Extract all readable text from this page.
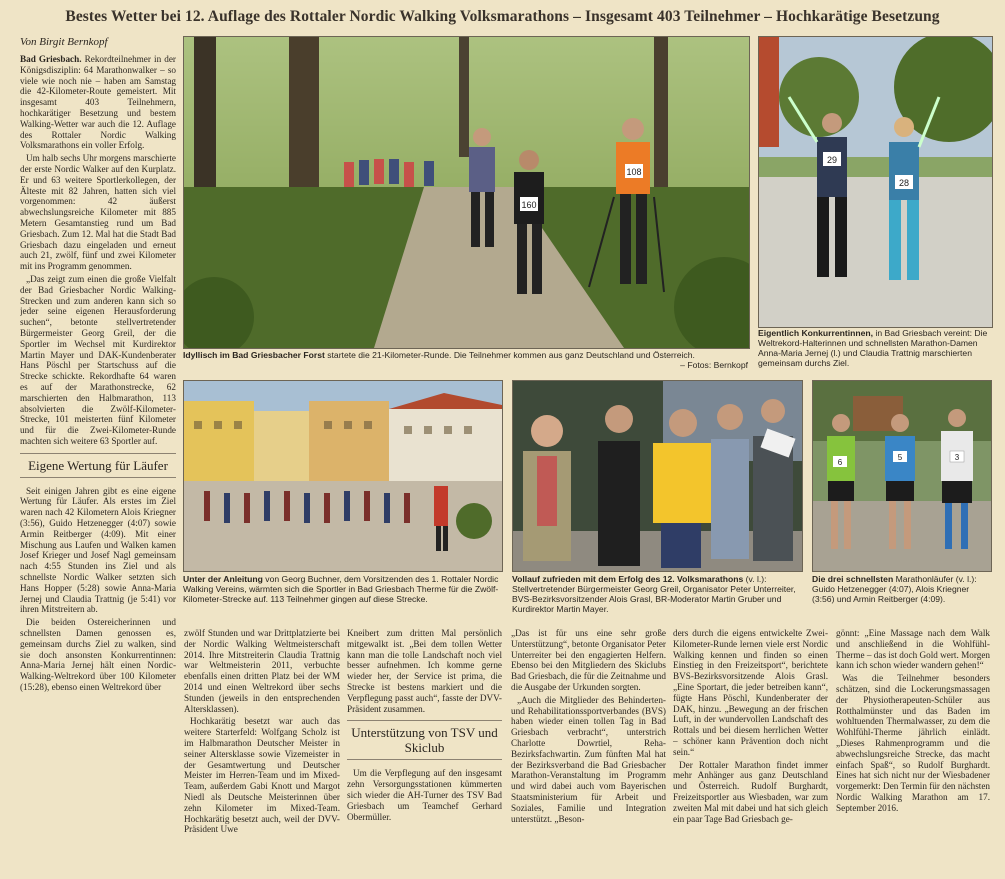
Bestes Wetter bei 12. Auflage des Rottaler Nordic Walking Volksmarathons – Insgesamt 403 Teilnehmer – Hochkarätige Besetzung
Von Birgit Bernkopf

Bad Griesbach. Rekordteilnehmer in der Königsdisziplin: 64 Marathonwalker – so viele wie noch nie – haben am Samstag die 42-Kilometer-Route gemeistert. Mit insgesamt 403 Teilnehmern, hochkarätiger Besetzung und bestem Walking-Wetter war auch die 12. Auflage des Rottaler Nordic Walking Volksmarathons ein voller Erfolg.

Um halb sechs Uhr morgens marschierte der erste Nordic Walker auf den Kurplatz. Er und 63 weitere Sportlerkollegen, der Älteste mit 82 Jahren, hatten sich viel vorgenommen: 42 äußerst abwechslungsreiche Kilometer mit 885 Metern Gesamtanstieg rund um Bad Griesbach. Zum 12. Mal hat die Stadt Bad Griesbach dazu eingeladen und erneut auch 21, zwölf, fünf und zwei Kilometer mit ins Programm genommen.

„Das zeigt zum einen die große Vielfalt der Bad Griesbacher Nordic Walking-Strecken und zum anderen kann sich so jeder seine eigenen Herausforderung suchen“, betonte stellvertretender Bürgermeister Georg Greil, der die Sportler im Wechsel mit Kurdirektor Martin Mayer und DAK-Kundenberater Hans Pöschl per Startschuss auf die Strecke schickte. Rekordhafte 64 waren es auf der Marathonstrecke, 62 marschierten den Halbmarathon, 113 absolvierten die Zwölf-Kilometer-Strecke, 101 meisterten fünf Kilometer und für die Zwei-Kilometer-Runde machten sich weitere 63 Sportler auf.

Eigene Wertung für Läufer

Seit einigen Jahren gibt es eine eigene Wertung für Läufer. Als erstes im Ziel waren nach 42 Kilometern Alois Kriegner (3:56), Guido Hetzenegger (4:07) sowie Armin Reitberger (4:09). Mit einer Mischung aus Laufen und Walken kamen Josef Krieger und Josef Nagl gemeinsam nach 4:55 Stunden ins Ziel und als schnellste Nordic Walker setzten sich Hans Hopper (5:28) sowie Anna-Maria Jernej und Claudia Trattnig (je 5:41) vor ihren Mitstreitern ab.

Die beiden Ostereicherinnen und schnellsten Damen genossen es, gemeinsam durchs Ziel zu walken, sind sie doch ansonsten Konkurrentinnen: Anna-Maria Jernej hält einen Nordic-Walking-Weltrekord über 100 Kilometer (15:28), ebenso einen Weltrekord über

160
108
29
28
Idyllisch im Bad Griesbacher Forst startete die 21-Kilometer-Runde. Die Teilnehmer kommen aus ganz Deutschland und Österreich.
– Fotos: Bernkopf
Eigentlich Konkurrentinnen, in Bad Griesbach vereint: Die Weltrekord-Halterinnen und schnellsten Marathon-Damen Anna-Maria Jernej (l.) und Claudia Trattnig marschierten gemeinsam durchs Ziel.
Unter der Anleitung von Georg Buchner, dem Vorsitzenden des 1. Rottaler Nordic Walking Vereins, wärmten sich die Sportler in Bad Griesbach Therme für die Zwölf-Kilometer-Strecke auf. 113 Teilnehmer gingen auf diese Strecke.
Vollauf zufrieden mit dem Erfolg des 12. Volksmarathons (v. l.): Stellvertretender Bürgermeister Georg Greil, Organisator Peter Unterreiter, BVS-Bezirksvorsitzender Alois Grasl, BR-Moderator Martin Gruber und Kurdirektor Martin Mayer.
6
5	3
Die drei schnellsten Marathonläufer (v. l.): Guido Hetzenegger (4:07), Alois Kriegner (3:56) und Armin Reitberger (4:09).

zwölf Stunden und war Drittplatzierte bei der Nordic Walking Weltmeisterschaft 2014. Ihre Mitstreiterin Claudia Trattnig war Weltmeisterin 2011, verbuchte ebenfalls einen dritten Platz bei der WM 2014 und einen Weltrekord über sechs Stunden (jeweils in den entsprechenden Altersklassen).

Hochkarätig besetzt war auch das weitere Starterfeld: Wolfgang Scholz ist im Halbmarathon Deutscher Meister in seiner Altersklasse sowie Vizemeister in der Gesamtwertung und Deutscher Meister im Herren-Team und im Mixed-Team, außerdem Gabi Knott und Margot Niedl als Deutsche Meisterinnen über zehn Kilometer im Mixed-Team. Hochkarätig besetzt auch, weil der DVV-Präsident Uwe

Kneibert zum dritten Mal persönlich mitgewalkt ist. „Bei dem tollen Wetter kann man die tolle Landschaft noch viel besser aufnehmen. Ich komme gerne wieder her, der Service ist prima, die Strecke ist bestens markiert und die Verpflegung passt auch“, fasste der DVV-Präsident zusammen.

Unterstützung von TSV und Skiclub

Um die Verpflegung auf den insgesamt zehn Versorgungsstationen kümmerten sich wieder die AH-Turner des TSV Bad Griesbach um Teamchef Gerhard Obermüller.

„Das ist für uns eine sehr große Unterstützung“, betonte Organisator Peter Unterreiter bei den engagierten Helfern. Ebenso bei den Mitgliedern des Skiclubs Bad Griesbach, die für die Zeitnahme und die Ausgabe der Urkunden sorgten.

„Auch die Mitglieder des Behinderten- und Rehabilitationssportverbandes (BVS) haben wieder einen tollen Tag in Bad Griesbach verbracht“, unterstrich Charlotte Dowrtiel, Reha-Bezirksfachwartin. Zum fünften Mal hat der Bezirksverband die Bad Griesbacher Marathon-Veranstaltung im Programm und wird dabei auch vom Bayerischen Staatsministerium für Arbeit und Soziales, Familie und Integration unterstützt. „Beson-

ders durch die eigens entwickelte Zwei-Kilometer-Runde lernen viele erst Nordic Walking kennen und finden so einen Einstieg in den Freizeitsport“, berichtete BVS-Bezirksvorsitzende Alois Grasl. „Eine Sportart, die jeder betreiben kann“, fügte Hans Pöschl, Kundenberater der DAK, hinzu. „Bewegung an der frischen Luft, in der wundervollen Landschaft des Rottals und bei diesem herrlichen Wetter – schöner kann Prävention doch nicht sein.“

Der Rottaler Marathon findet immer mehr Anhänger aus ganz Deutschland und Österreich. Rudolf Burghardt, Freizeitsportler aus Wiesbaden, war zum zweiten Mal mit dabei und hat sich gleich ein paar Tage Bad Griesbach ge-

gönnt: „Eine Massage nach dem Walk und anschließend in die Wohlfühl-Therme – das ist doch Gold wert. Morgen kann ich schon wieder wandern gehen!“

Was die Teilnehmer besonders schätzen, sind die Lockerungsmassagen der Physiotherapeuten-Schüler aus Rotthalmünster und das Baden im wohltuenden Thermalwasser, zu dem die Wohlfühl-Therme jährlich einlädt. „Dieses Rahmenprogramm und die abwechslungsreiche Strecke, das macht einfach Spaß“, so Rudolf Burghardt. Eines hat sich nicht nur der Wiesbadener vorgemerkt: Den Termin für den nächsten Nordic Walking Marathon am 17. September 2016.
